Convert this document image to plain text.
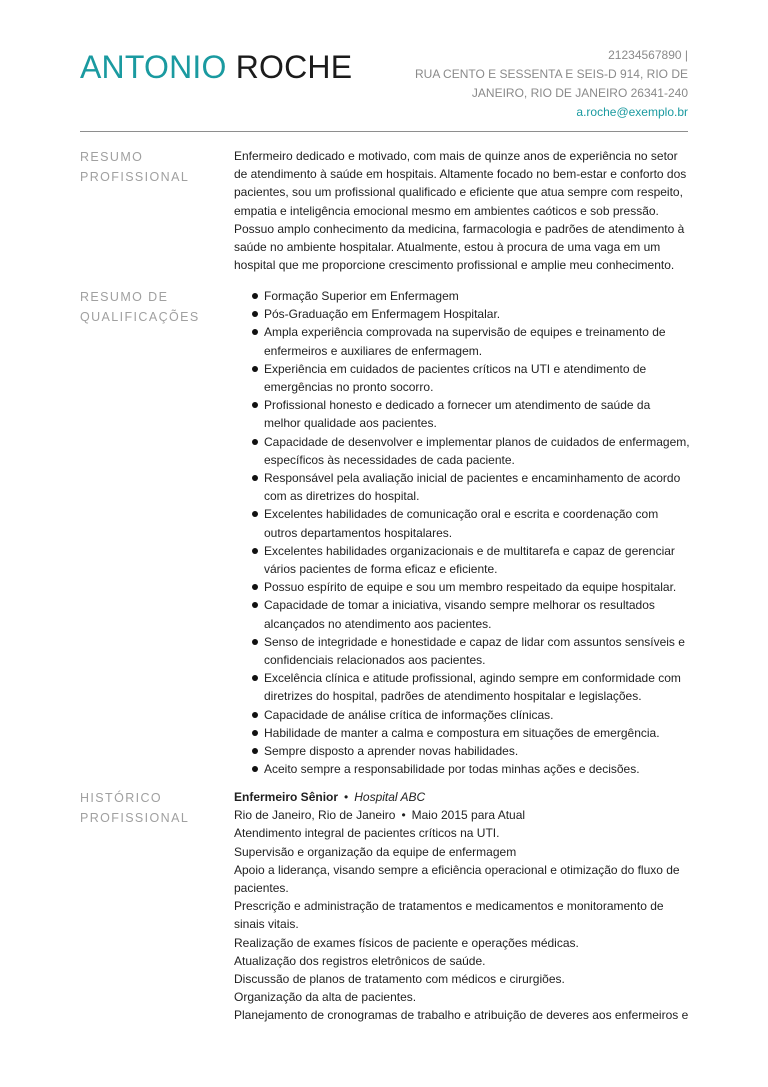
ANTONIO ROCHE	21234567890 |
RUA CENTO E SESSENTA E SEIS-D 914, RIO DE JANEIRO, RIO DE JANEIRO 26341-240
a.roche@exemplo.br
RESUMO PROFISSIONAL

Enfermeiro dedicado e motivado, com mais de quinze anos de experiência no setor de atendimento à saúde em hospitais. Altamente focado no bem-estar e conforto dos pacientes, sou um profissional qualificado e eficiente que atua sempre com respeito, empatia e inteligência emocional mesmo em ambientes caóticos e sob pressão. Possuo amplo conhecimento da medicina, farmacologia e padrões de atendimento à saúde no ambiente hospitalar. Atualmente, estou à procura de uma vaga em um hospital que me proporcione crescimento profissional e amplie meu conhecimento.

RESUMO DE QUALIFICAÇÕES
Formação Superior em Enfermagem
Pós-Graduação em Enfermagem Hospitalar.
Ampla experiência comprovada na supervisão de equipes e treinamento de enfermeiros e auxiliares de enfermagem.
Experiência em cuidados de pacientes críticos na UTI e atendimento de emergências no pronto socorro.
Profissional honesto e dedicado a fornecer um atendimento de saúde da melhor qualidade aos pacientes.
Capacidade de desenvolver e implementar planos de cuidados de enfermagem, específicos às necessidades de cada paciente.
Responsável pela avaliação inicial de pacientes e encaminhamento de acordo com as diretrizes do hospital.
Excelentes habilidades de comunicação oral e escrita e coordenação com outros departamentos hospitalares.
Excelentes habilidades organizacionais e de multitarefa e capaz de gerenciar vários pacientes de forma eficaz e eficiente.
Possuo espírito de equipe e sou um membro respeitado da equipe hospitalar.
Capacidade de tomar a iniciativa, visando sempre melhorar os resultados alcançados no atendimento aos pacientes.
Senso de integridade e honestidade e capaz de lidar com assuntos sensíveis e confidenciais relacionados aos pacientes.
Excelência clínica e atitude profissional, agindo sempre em conformidade com diretrizes do hospital, padrões de atendimento hospitalar e legislações.
Capacidade de análise crítica de informações clínicas.
Habilidade de manter a calma e compostura em situações de emergência.
Sempre disposto a aprender novas habilidades.
Aceito sempre a responsabilidade por todas minhas ações e decisões.
HISTÓRICO PROFISSIONAL
Enfermeiro Sênior • Hospital ABC
Rio de Janeiro, Rio de Janeiro • Maio 2015 para Atual

Atendimento integral de pacientes críticos na UTI.

Supervisão e organização da equipe de enfermagem

Apoio a liderança, visando sempre a eficiência operacional e otimização do fluxo de pacientes.

Prescrição e administração de tratamentos e medicamentos e monitoramento de sinais vitais.

Realização de exames físicos de paciente e operações médicas.

Atualização dos registros eletrônicos de saúde.

Discussão de planos de tratamento com médicos e cirurgiões.

Organização da alta de pacientes.

Planejamento de cronogramas de trabalho e atribuição de deveres aos enfermeiros e
